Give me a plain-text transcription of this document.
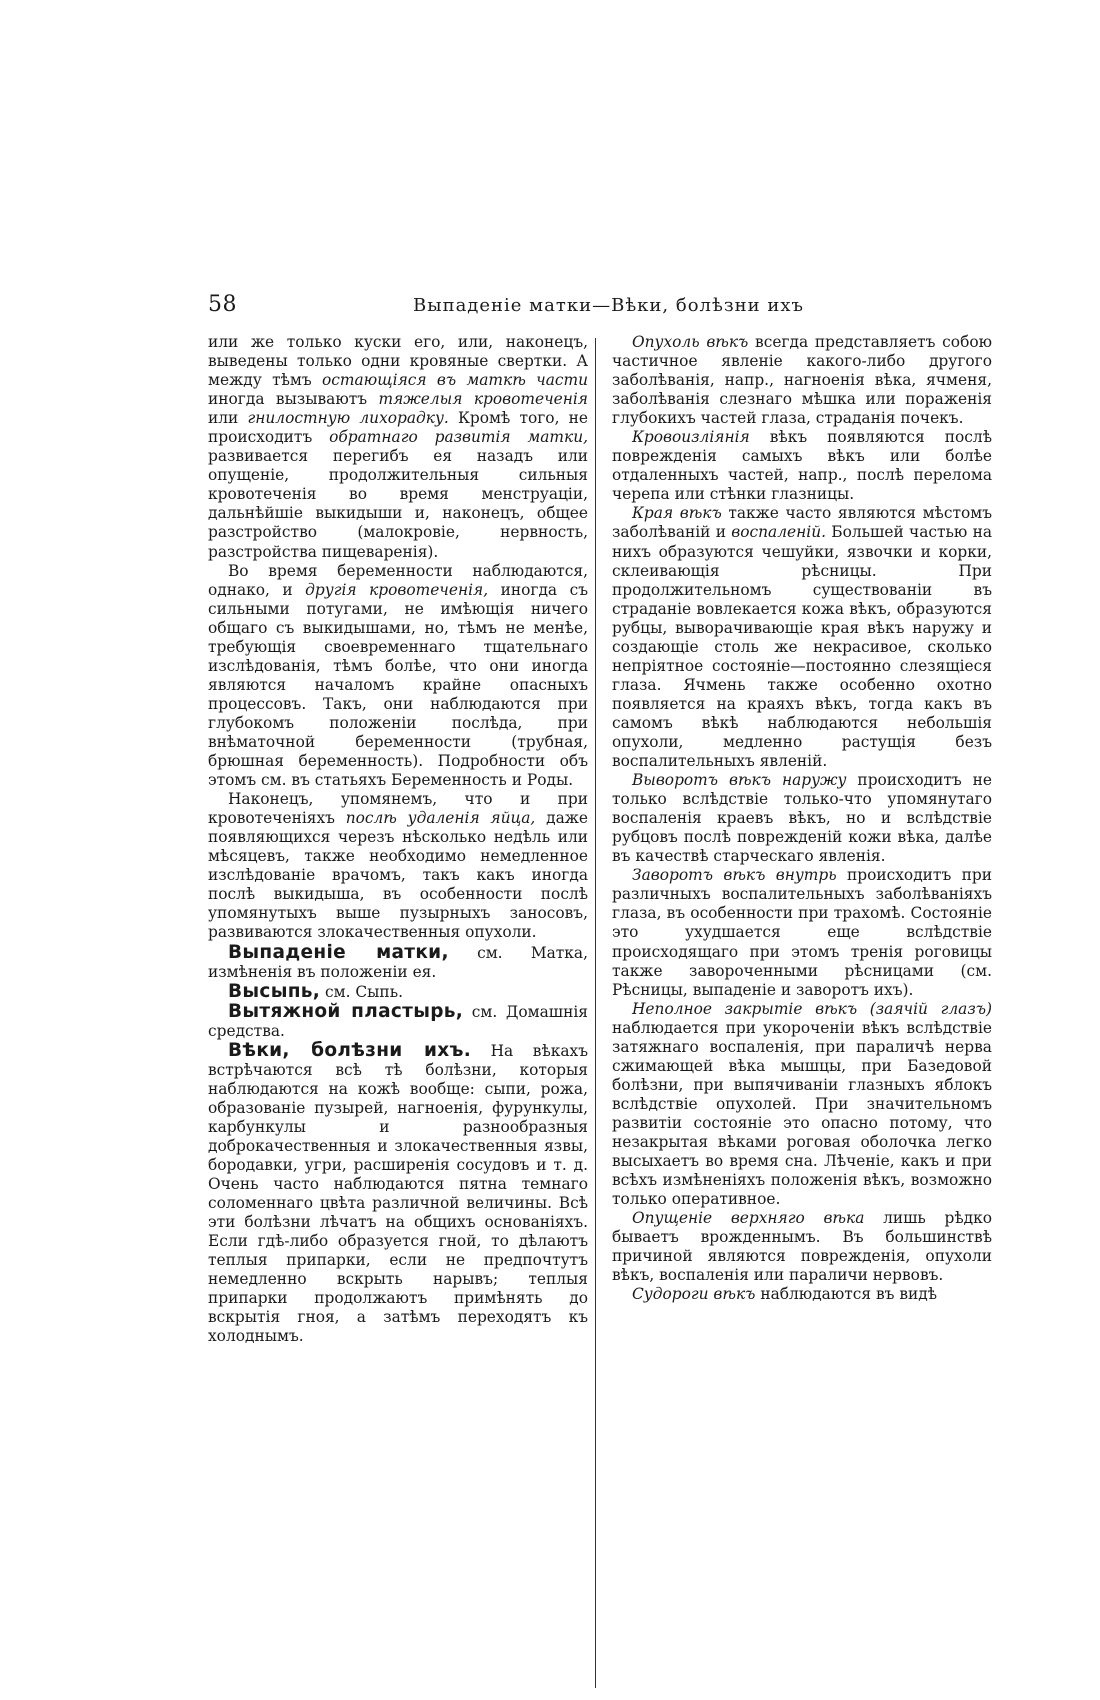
58	Выпаденіе матки—Вѣки, болѣзни ихъ

или же только куски его, или, наконецъ, выведены только одни кровяные свертки. А между тѣмъ остающіяся въ маткѣ части иногда вызываютъ тяжелыя кровотеченія или гнилостную лихорадку. Кромѣ того, не происходитъ обратнаго развитія матки, развивается перегибъ ея назадъ или опущеніе, продолжительныя сильныя кровотеченія во время менструаціи, дальнѣйшіе выкидыши и, наконецъ, общее разстройство (малокровіе, нервность, разстройства пищеваренія).

Во время беременности наблюдаются, однако, и другія кровотеченія, иногда съ сильными потугами, не имѣющія ничего общаго съ выкидышами, но, тѣмъ не менѣе, требующія своевременнаго тщательнаго изслѣдованія, тѣмъ болѣе, что они иногда являются началомъ крайне опасныхъ процессовъ. Такъ, они наблюдаются при глубокомъ положеніи послѣда, при внѣматочной беременности (трубная, брюшная беременность). Подробности объ этомъ см. въ статьяхъ Беременность и Роды.

Наконецъ, упомянемъ, что и при кровотеченіяхъ послѣ удаленія яйца, даже появляющихся черезъ нѣсколько недѣль или мѣсяцевъ, также необходимо немедленное изслѣдованіе врачомъ, такъ какъ иногда послѣ выкидыша, въ особенности послѣ упомянутыхъ выше пузырныхъ заносовъ, развиваются злокачественныя опухоли.

Выпаденіе матки, см. Матка, измѣненія въ положеніи ея.

Высыпь, см. Сыпь.

Вытяжной пластырь, см. Домашнія средства.

Вѣки, болѣзни ихъ. На вѣкахъ встрѣчаются всѣ тѣ болѣзни, которыя наблюдаются на кожѣ вообще: сыпи, рожа, образованіе пузырей, нагноенія, фурункулы, карбункулы и разнообразныя доброкачественныя и злокачественныя язвы, бородавки, угри, расширенія сосудовъ и т. д. Очень часто наблюдаются пятна темнаго соломеннаго цвѣта различной величины. Всѣ эти болѣзни лѣчатъ на общихъ основаніяхъ. Если гдѣ-либо образуется гной, то дѣлаютъ теплыя припарки, если не предпочтутъ немедленно вскрыть нарывъ; теплыя припарки продолжаютъ примѣнять до вскрытія гноя, а затѣмъ переходятъ къ холоднымъ.

Опухоль вѣкъ всегда представляетъ собою частичное явленіе какого-либо другого заболѣванія, напр., нагноенія вѣка, ячменя, заболѣванія слезнаго мѣшка или пораженія глубокихъ частей глаза, страданія почекъ.

Кровоизліянія вѣкъ появляются послѣ поврежденія самыхъ вѣкъ или болѣе отдаленныхъ частей, напр., послѣ перелома черепа или стѣнки глазницы.

Края вѣкъ также часто являются мѣстомъ заболѣваній и воспаленій. Большей частью на нихъ образуются чешуйки, язвочки и корки, склеивающія рѣсницы. При продолжительномъ существованіи въ страданіе вовлекается кожа вѣкъ, образуются рубцы, выворачивающіе края вѣкъ наружу и создающіе столь же некрасивое, сколько непріятное состояніе—постоянно слезящіеся глаза. Ячмень также особенно охотно появляется на краяхъ вѣкъ, тогда какъ въ самомъ вѣкѣ наблюдаются небольшія опухоли, медленно растущія безъ воспалительныхъ явленій.

Выворотъ вѣкъ наружу происходитъ не только вслѣдствіе только-что упомянутаго воспаленія краевъ вѣкъ, но и вслѣдствіе рубцовъ послѣ поврежденій кожи вѣка, далѣе въ качествѣ старческаго явленія.

Заворотъ вѣкъ внутрь происходитъ при различныхъ воспалительныхъ заболѣваніяхъ глаза, въ особенности при трахомѣ. Состояніе это ухудшается еще вслѣдствіе происходящаго при этомъ тренія роговицы также завороченными рѣсницами (см. Рѣсницы, выпаденіе и заворотъ ихъ).

Неполное закрытіе вѣкъ (заячій глазъ) наблюдается при укороченіи вѣкъ вслѣдствіе затяжнаго воспаленія, при параличѣ нерва сжимающей вѣка мышцы, при Базедовой болѣзни, при выпячиваніи глазныхъ яблокъ вслѣдствіе опухолей. При значительномъ развитіи состояніе это опасно потому, что незакрытая вѣками роговая оболочка легко высыхаетъ во время сна. Лѣченіе, какъ и при всѣхъ измѣненіяхъ положенія вѣкъ, возможно только оперативное.

Опущеніе верхняго вѣка лишь рѣдко бываетъ врожденнымъ. Въ большинствѣ причиной являются поврежденія, опухоли вѣкъ, воспаленія или параличи нервовъ.

Судороги вѣкъ наблюдаются въ видѣ
